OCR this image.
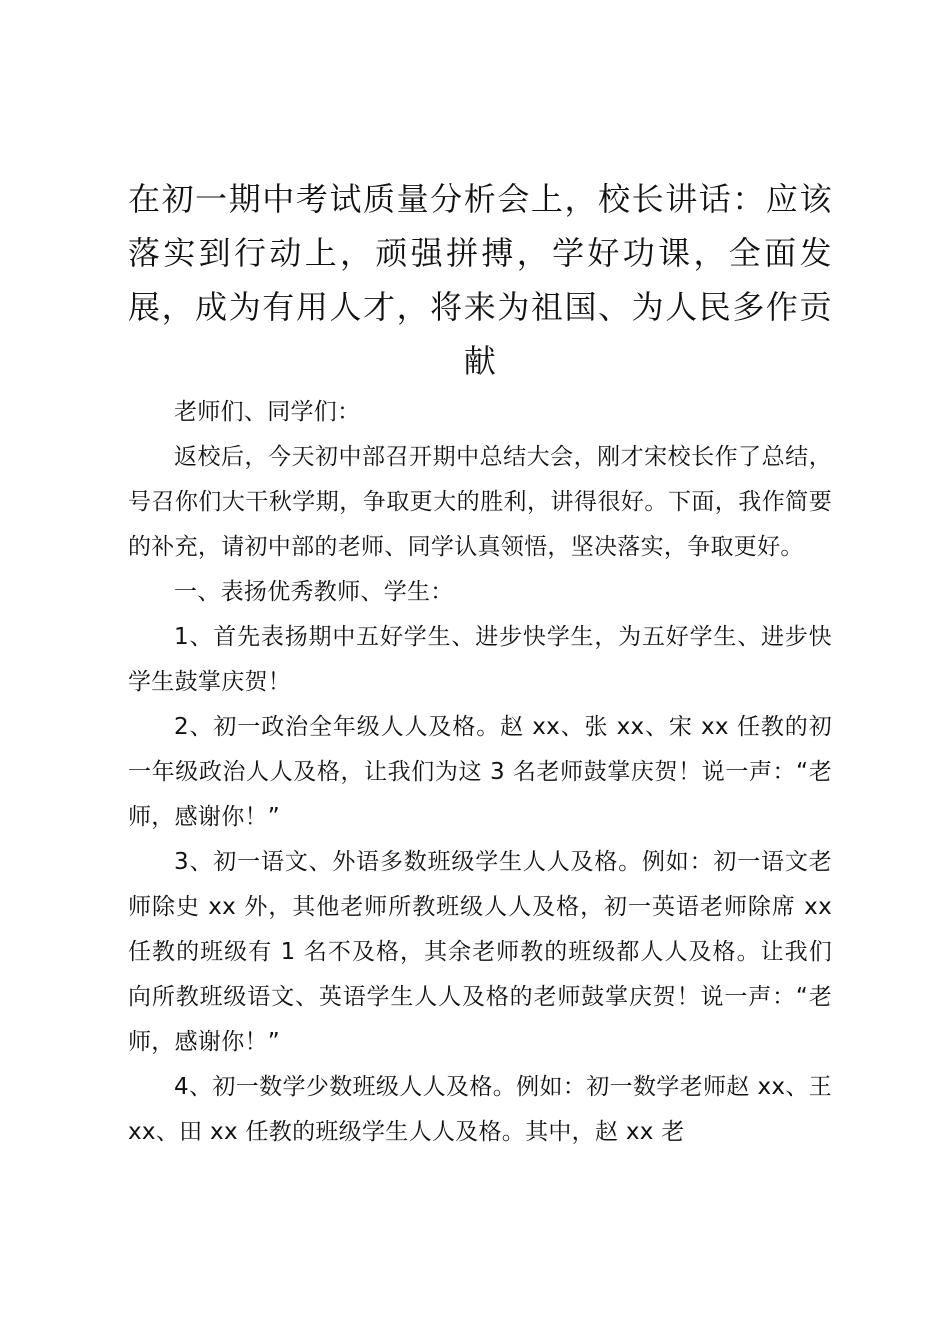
在初一期中考试质量分析会上，校长讲话：应该落实到行动上，顽强拼搏，学好功课，全面发展，成为有用人才，将来为祖国、为人民多作贡献

老师们、同学们：

返校后，今天初中部召开期中总结大会，刚才宋校长作了总结，号召你们大干秋学期，争取更大的胜利，讲得很好。下面，我作简要的补充，请初中部的老师、同学认真领悟，坚决落实，争取更好。

一、表扬优秀教师、学生：

1、首先表扬期中五好学生、进步快学生，为五好学生、进步快学生鼓掌庆贺！

2、初一政治全年级人人及格。赵 xx、张 xx、宋 xx 任教的初一年级政治人人及格，让我们为这 3 名老师鼓掌庆贺！说一声：“老师，感谢你！”

3、初一语文、外语多数班级学生人人及格。例如：初一语文老师除史 xx 外，其他老师所教班级人人及格，初一英语老师除席 xx 任教的班级有 1 名不及格，其余老师教的班级都人人及格。让我们向所教班级语文、英语学生人人及格的老师鼓掌庆贺！说一声：“老师，感谢你！”

4、初一数学少数班级人人及格。例如：初一数学老师赵 xx、王 xx、田 xx 任教的班级学生人人及格。其中，赵 xx 老
